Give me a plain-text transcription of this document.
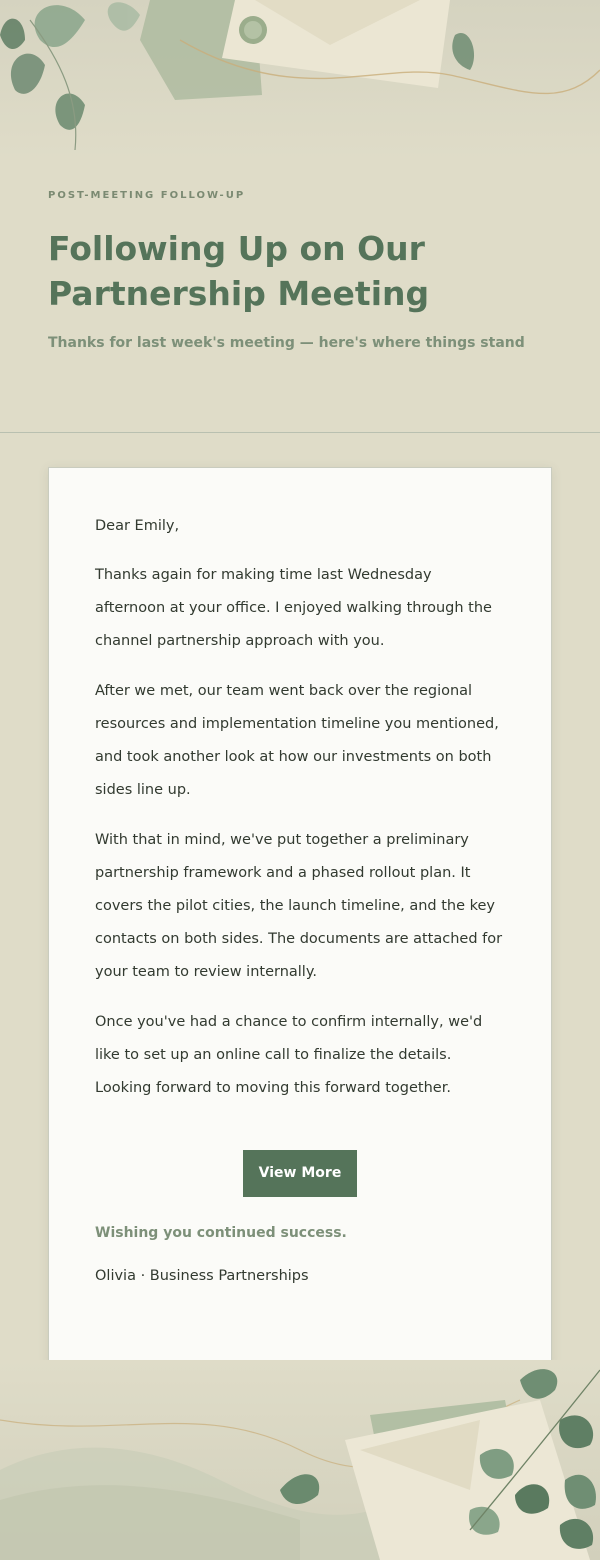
POST-MEETING FOLLOW-UP
Following Up on Our Partnership Meeting
Thanks for last week's meeting — here's where things stand

Dear Emily,

Thanks again for making time last Wednesday afternoon at your office. I enjoyed walking through the channel partnership approach with you.

After we met, our team went back over the regional resources and implementation timeline you mentioned, and took another look at how our investments on both sides line up.

With that in mind, we've put together a preliminary partnership framework and a phased rollout plan. It covers the pilot cities, the launch timeline, and the key contacts on both sides. The documents are attached for your team to review internally.

Once you've had a chance to confirm internally, we'd like to set up an online call to finalize the details. Looking forward to moving this forward together.

View More
Wishing you continued success.
Olivia · Business Partnerships
